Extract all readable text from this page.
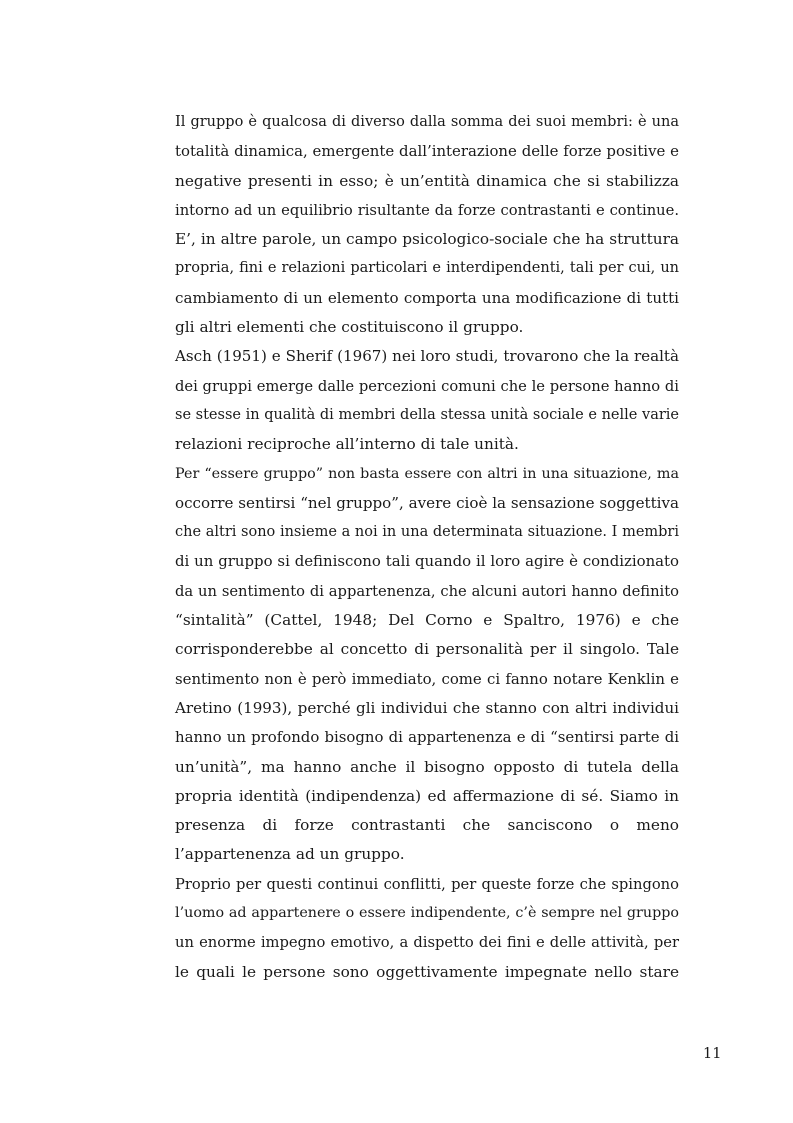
Il gruppo è qualcosa di diverso dalla somma dei suoi membri: è una
totalità dinamica, emergente dall’interazione delle forze positive e
negative presenti in esso; è un’entità dinamica che si stabilizza
intorno ad un equilibrio risultante da forze contrastanti e continue.
E’, in altre parole, un campo psicologico-sociale che ha struttura
propria, fini e relazioni particolari e interdipendenti, tali per cui, un
cambiamento di un elemento comporta una modificazione di tutti
gli altri elementi che costituiscono il gruppo.
Asch (1951) e Sherif (1967) nei loro studi, trovarono che la realtà
dei gruppi emerge dalle percezioni comuni che le persone hanno di
se stesse in qualità di membri della stessa unità sociale e nelle varie
relazioni reciproche all’interno di tale unità.
Per “essere gruppo” non basta essere con altri in una situazione, ma
occorre sentirsi “nel gruppo”, avere cioè la sensazione soggettiva
che altri sono insieme a noi in una determinata situazione. I membri
di un gruppo si definiscono tali quando il loro agire è condizionato
da un sentimento di appartenenza, che alcuni autori hanno definito
“sintalità” (Cattel, 1948; Del Corno e Spaltro, 1976) e che
corrisponderebbe al concetto di personalità per il singolo. Tale
sentimento non è però immediato, come ci fanno notare Kenklin e
Aretino (1993), perché gli individui che stanno con altri individui
hanno un profondo bisogno di appartenenza e di “sentirsi parte di
un’unità”, ma hanno anche il bisogno opposto di tutela della
propria identità (indipendenza) ed affermazione di sé. Siamo in
presenza di forze contrastanti che sanciscono o meno
l’appartenenza ad un gruppo.
Proprio per questi continui conflitti, per queste forze che spingono
l’uomo ad appartenere o essere indipendente, c’è sempre nel gruppo
un enorme impegno emotivo, a dispetto dei fini e delle attività, per
le quali le persone sono oggettivamente impegnate nello stare
11
